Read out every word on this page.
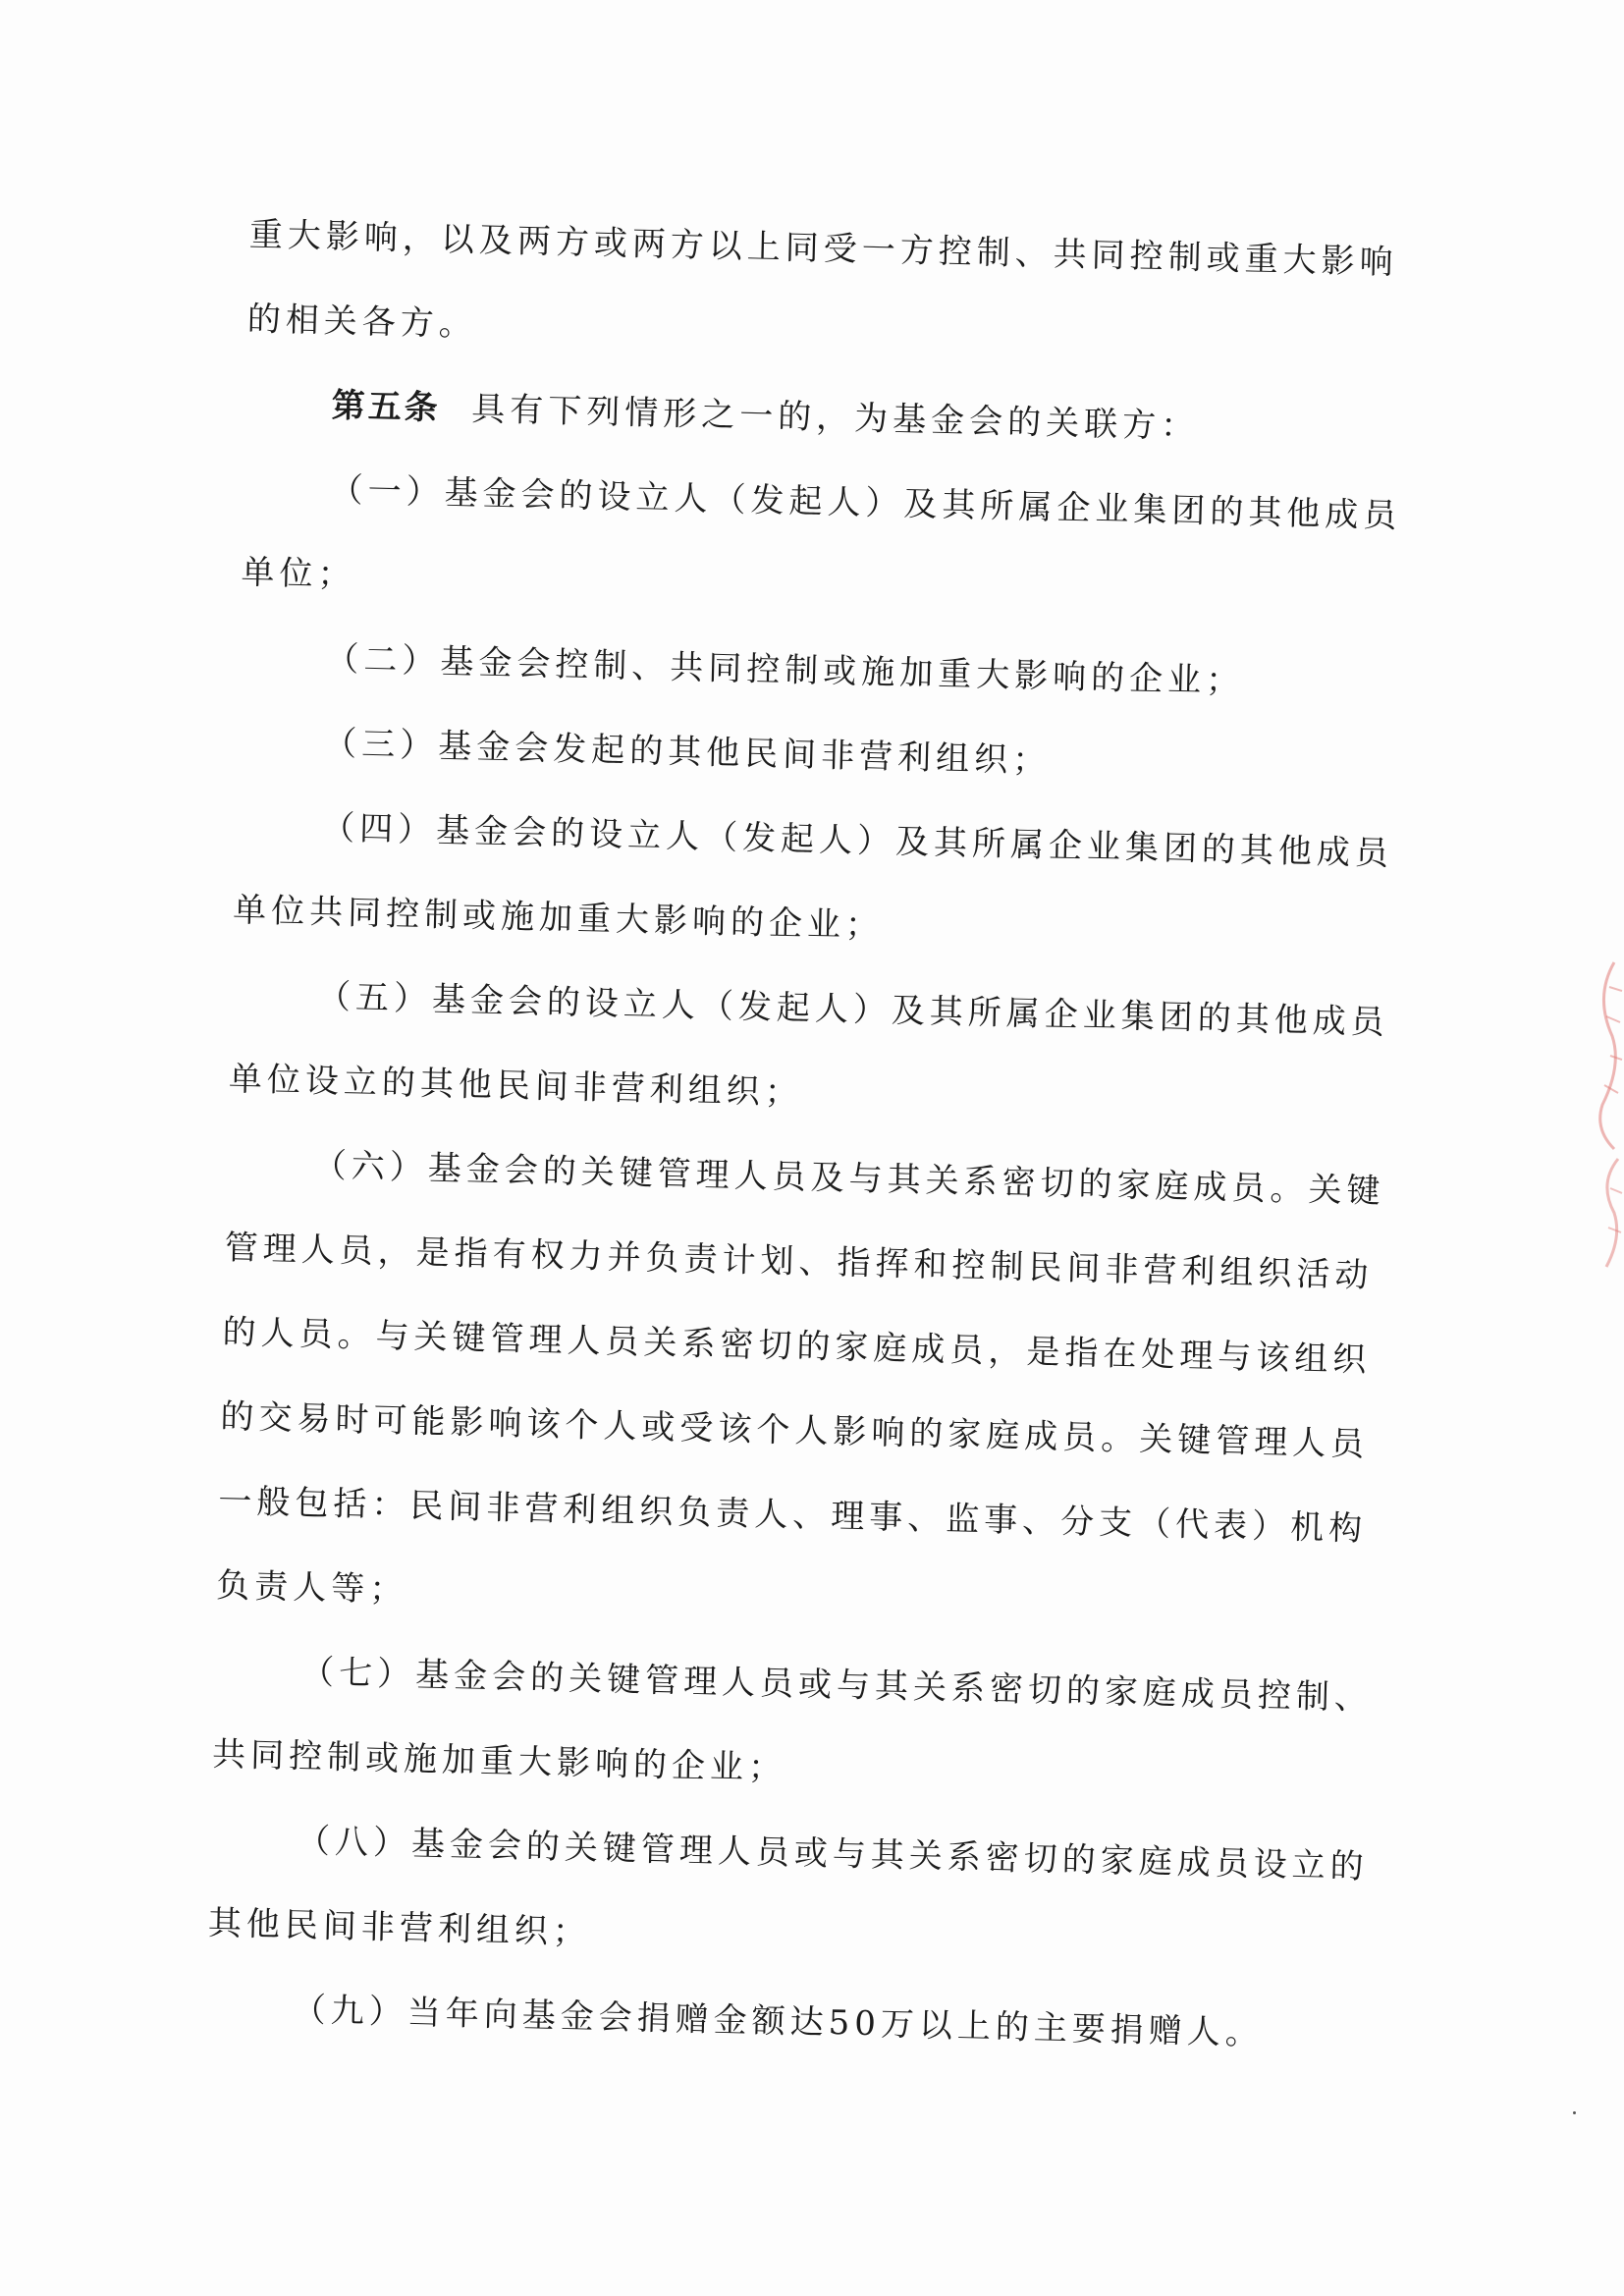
重大影响，以及两方或两方以上同受一方控制、共同控制或重大影响的相关各方。

第五条 具有下列情形之一的，为基金会的关联方：

（一）基金会的设立人（发起人）及其所属企业集团的其他成员单位；

（二）基金会控制、共同控制或施加重大影响的企业；

（三）基金会发起的其他民间非营利组织；

（四）基金会的设立人（发起人）及其所属企业集团的其他成员单位共同控制或施加重大影响的企业；

（五）基金会的设立人（发起人）及其所属企业集团的其他成员单位设立的其他民间非营利组织；

（六）基金会的关键管理人员及与其关系密切的家庭成员。关键管理人员，是指有权力并负责计划、指挥和控制民间非营利组织活动的人员。与关键管理人员关系密切的家庭成员，是指在处理与该组织的交易时可能影响该个人或受该个人影响的家庭成员。关键管理人员一般包括：民间非营利组织负责人、理事、监事、分支（代表）机构负责人等；

（七）基金会的关键管理人员或与其关系密切的家庭成员控制、共同控制或施加重大影响的企业；

（八）基金会的关键管理人员或与其关系密切的家庭成员设立的其他民间非营利组织；

（九）当年向基金会捐赠金额达50万以上的主要捐赠人。
